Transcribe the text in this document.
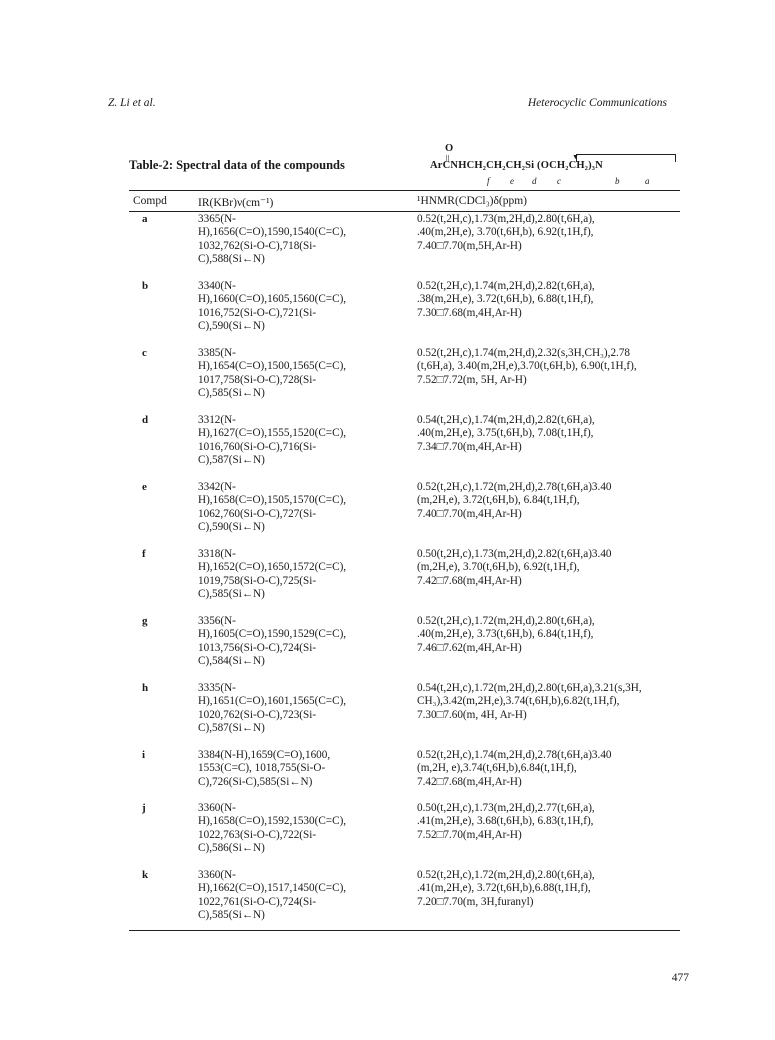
Z. Li et al.	Heterocyclic Communications
Table-2: Spectral data of the compounds
O
||
ArCNHCH₂CH₂CH₂Si (OCH₂CH₂)₃N
▼
f e d c	b	a
Compd	IR(KBr)ν(cm⁻¹)	¹HNMR(CDCl₃)δ(ppm)
a	3365(N-
H),1656(C=O),1590,1540(C=C),
1032,762(Si-O-C),718(Si-
C),588(Si←N)
0.52(t,2H,c),1.73(m,2H,d),2.80(t,6H,a),
.40(m,2H,e), 3.70(t,6H,b), 6.92(t,1H,f),
7.40□7.70(m,5H,Ar-H)
b	3340(N-
H),1660(C=O),1605,1560(C=C),
1016,752(Si-O-C),721(Si-
C),590(Si←N)
0.52(t,2H,c),1.74(m,2H,d),2.82(t,6H,a),
.38(m,2H,e), 3.72(t,6H,b), 6.88(t,1H,f),
7.30□7.68(m,4H,Ar-H)
c	3385(N-
H),1654(C=O),1500,1565(C=C),
1017,758(Si-O-C),728(Si-
C),585(Si←N)
0.52(t,2H,c),1.74(m,2H,d),2.32(s,3H,CH₃),2.78
(t,6H,a), 3.40(m,2H,e),3.70(t,6H,b), 6.90(t,1H,f),
7.52□7.72(m, 5H, Ar-H)
d	3312(N-
H),1627(C=O),1555,1520(C=C),
1016,760(Si-O-C),716(Si-
C),587(Si←N)
0.54(t,2H,c),1.74(m,2H,d),2.82(t,6H,a),
.40(m,2H,e), 3.75(t,6H,b), 7.08(t,1H,f),
7.34□7.70(m,4H,Ar-H)
e	3342(N-
H),1658(C=O),1505,1570(C=C),
1062,760(Si-O-C),727(Si-
C),590(Si←N)
0.52(t,2H,c),1.72(m,2H,d),2.78(t,6H,a)3.40
(m,2H,e), 3.72(t,6H,b), 6.84(t,1H,f),
7.40□7.70(m,4H,Ar-H)
f	3318(N-
H),1652(C=O),1650,1572(C=C),
1019,758(Si-O-C),725(Si-
C),585(Si←N)
0.50(t,2H,c),1.73(m,2H,d),2.82(t,6H,a)3.40
(m,2H,e), 3.70(t,6H,b), 6.92(t,1H,f),
7.42□7.68(m,4H,Ar-H)
g	3356(N-
H),1605(C=O),1590,1529(C=C),
1013,756(Si-O-C),724(Si-
C),584(Si←N)
0.52(t,2H,c),1.72(m,2H,d),2.80(t,6H,a),
.40(m,2H,e), 3.73(t,6H,b), 6.84(t,1H,f),
7.46□7.62(m,4H,Ar-H)
h	3335(N-
H),1651(C=O),1601,1565(C=C),
1020,762(Si-O-C),723(Si-
C),587(Si←N)
0.54(t,2H,c),1.72(m,2H,d),2.80(t,6H,a),3.21(s,3H,
CH₃),3.42(m,2H,e),3.74(t,6H,b),6.82(t,1H,f),
7.30□7.60(m, 4H, Ar-H)
i	3384(N-H),1659(C=O),1600,
1553(C=C), 1018,755(Si-O-
C),726(Si-C),585(Si←N)
0.52(t,2H,c),1.74(m,2H,d),2.78(t,6H,a)3.40
(m,2H, e),3.74(t,6H,b),6.84(t,1H,f),
7.42□7.68(m,4H,Ar-H)
j	3360(N-
H),1658(C=O),1592,1530(C=C),
1022,763(Si-O-C),722(Si-
C),586(Si←N)
0.50(t,2H,c),1.73(m,2H,d),2.77(t,6H,a),
.41(m,2H,e), 3.68(t,6H,b), 6.83(t,1H,f),
7.52□7.70(m,4H,Ar-H)
k	3360(N-
H),1662(C=O),1517,1450(C=C),
1022,761(Si-O-C),724(Si-
C),585(Si←N)
0.52(t,2H,c),1.72(m,2H,d),2.80(t,6H,a),
.41(m,2H,e), 3.72(t,6H,b),6.88(t,1H,f),
7.20□7.70(m, 3H,furanyl)
477
